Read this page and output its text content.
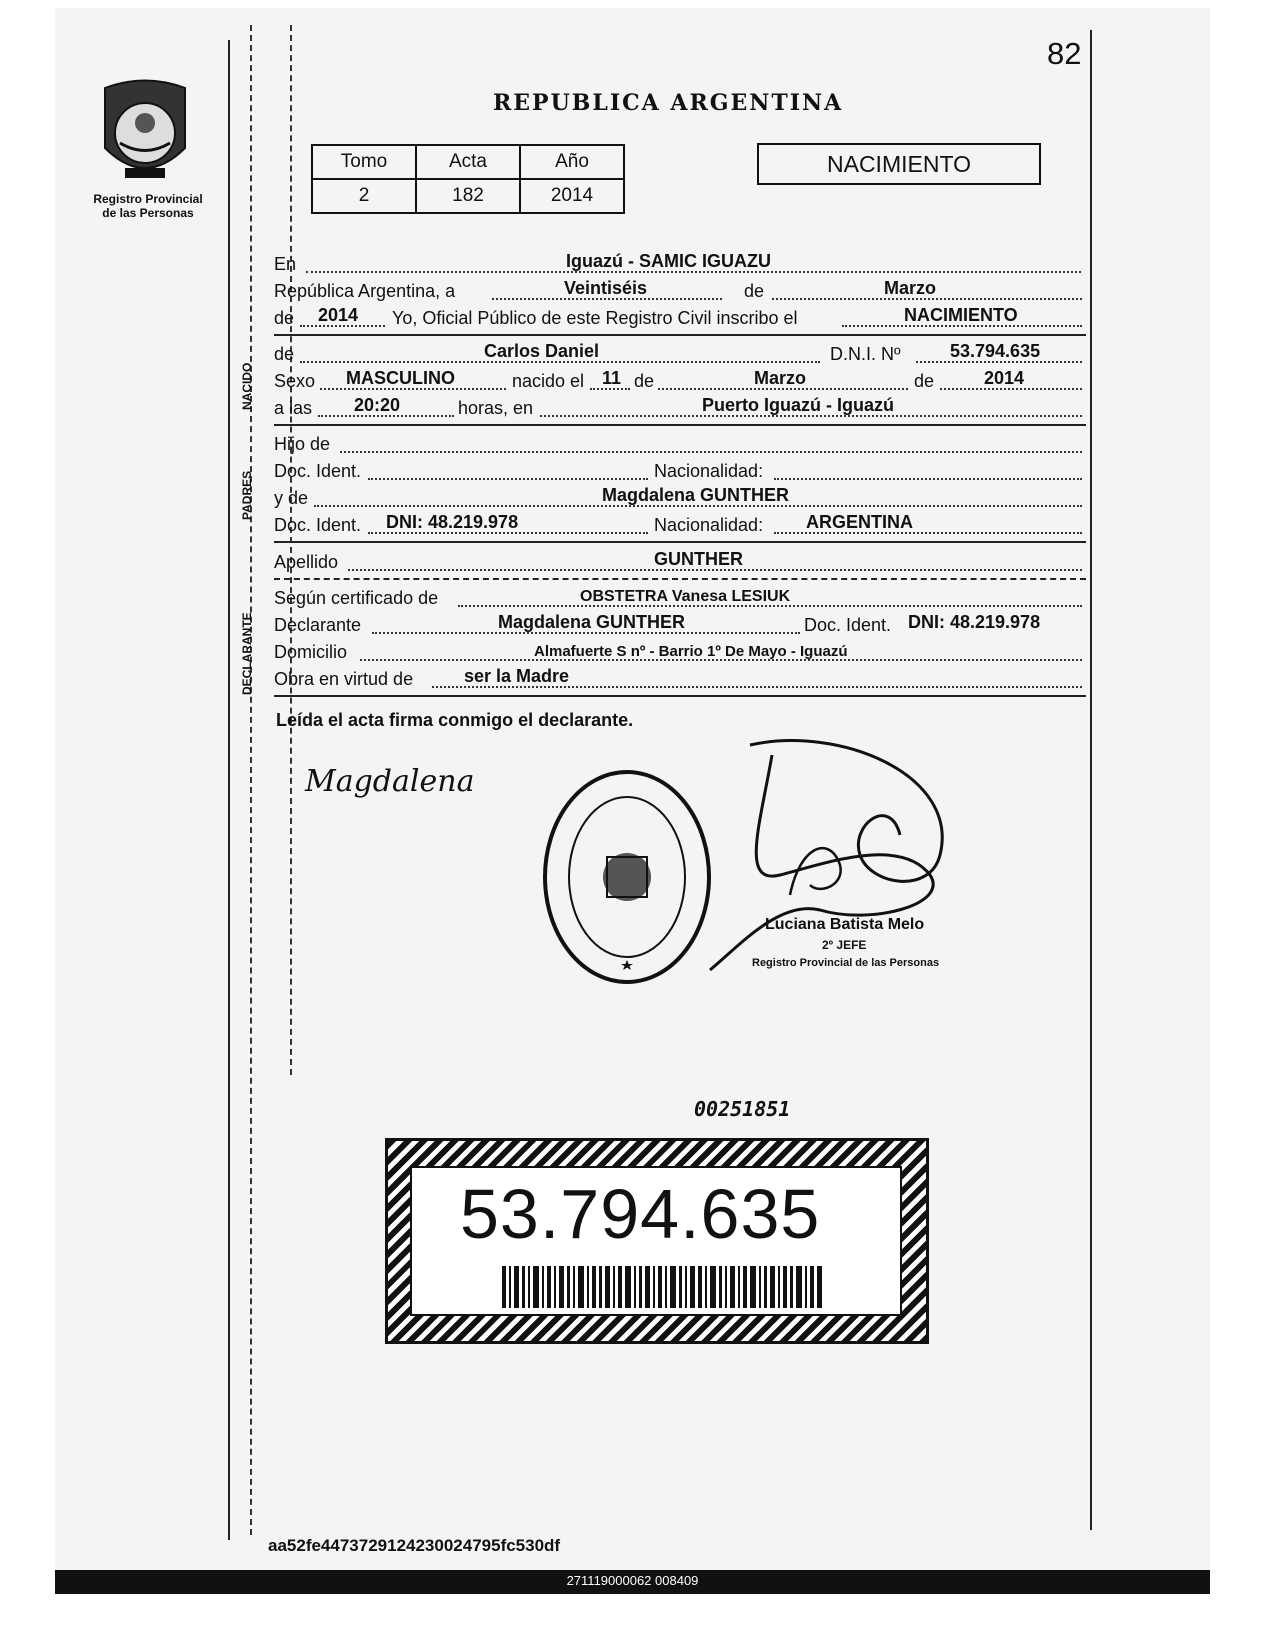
Registro Provincial
de las Personas
82
REPUBLICA ARGENTINA
Tomo	Acta	Año
2	182	2014
NACIMIENTO
NACIDO
PADRES
DECLARANTE
En	Iguazú - SAMIC IGUAZU
República Argentina, a	Veintiséis	de	Marzo
de 2014 Yo, Oficial Público de este Registro Civil inscribo el	NACIMIENTO
de	Carlos Daniel	D.N.I. Nº	53.794.635
Sexo MASCULINO	nacido el 11 de	Marzo	de	2014
a las 20:20	horas, en	Puerto Iguazú - Iguazú
Hijo de
Doc. Ident.	Nacionalidad:
y de	Magdalena GUNTHER
Doc. Ident. DNI: 48.219.978	Nacionalidad: ARGENTINA
Apellido	GUNTHER
Según certificado de	OBSTETRA Vanesa LESIUK
Declarante	Magdalena GUNTHER	Doc. Ident. DNI: 48.219.978
Domicilio	Almafuerte S nº - Barrio 1º De Mayo - Iguazú
Obra en virtud de	ser la Madre
Leída el acta firma conmigo el declarante.
Magdalena
Luciana Batista Melo
2º JEFE
Registro Provincial de las Personas
00251851
53.794.635
aa52fe4473729124230024795fc530df
271119000062 008409
